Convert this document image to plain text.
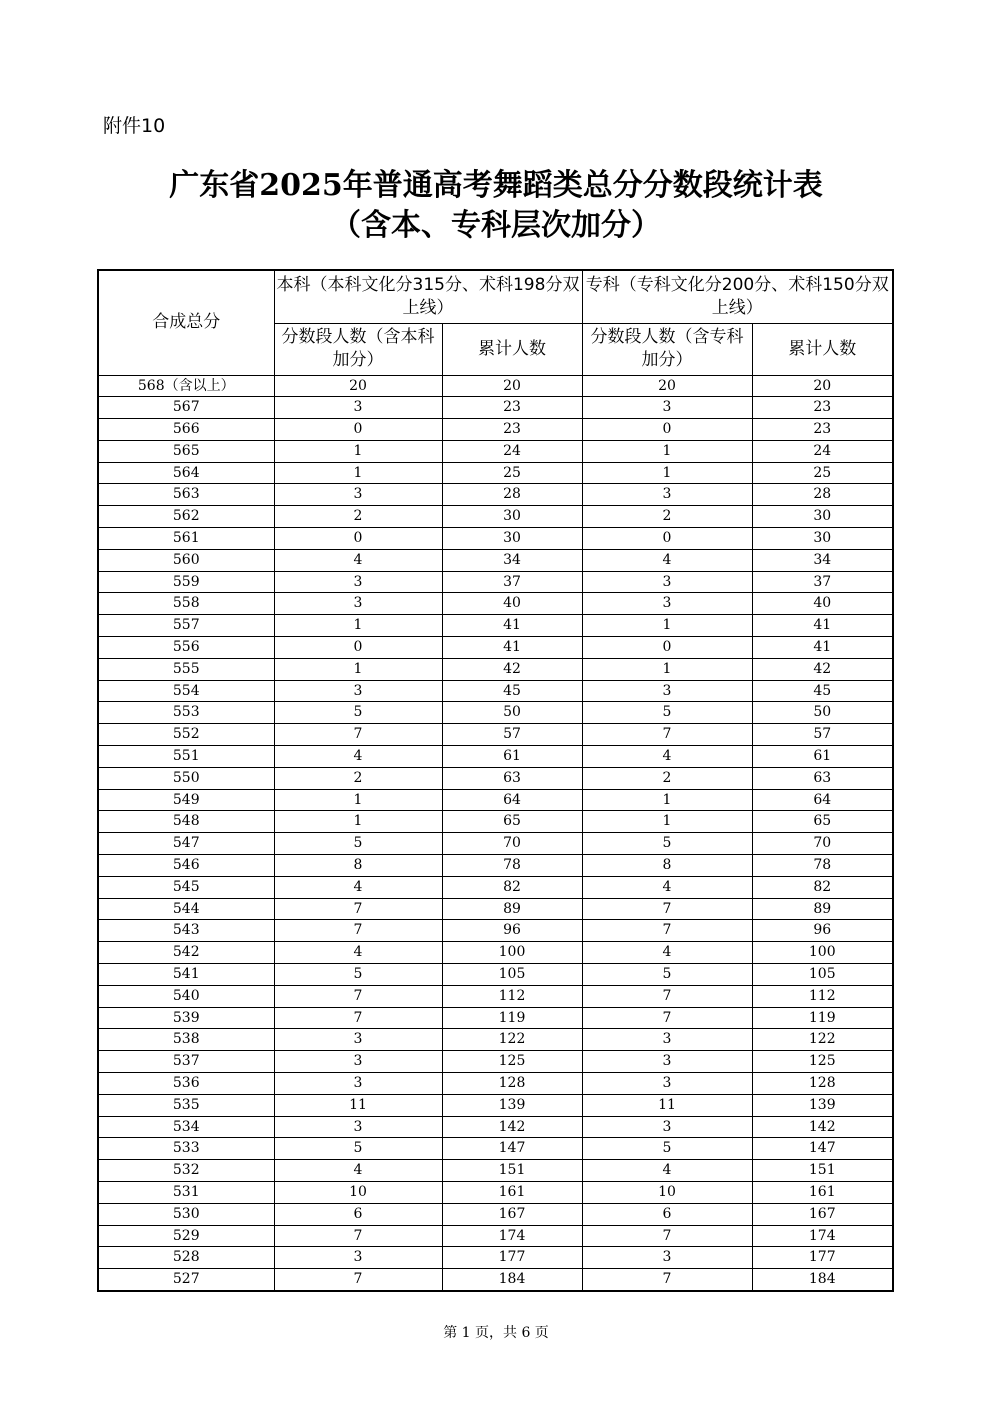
附件10
广东省2025年普通高考舞蹈类总分分数段统计表
（含本、专科层次加分）
合成总分	本科（本科文化分315分、术科198分双上线）		专科（专科文化分200分、术科150分双上线）	
	分数段人数（含本科加分）	累计人数	分数段人数（含专科加分）	累计人数
568（含以上）	20	20	20	20
567	3	23	3	23
566	0	23	0	23
565	1	24	1	24
564	1	25	1	25
563	3	28	3	28
562	2	30	2	30
561	0	30	0	30
560	4	34	4	34
559	3	37	3	37
558	3	40	3	40
557	1	41	1	41
556	0	41	0	41
555	1	42	1	42
554	3	45	3	45
553	5	50	5	50
552	7	57	7	57
551	4	61	4	61
550	2	63	2	63
549	1	64	1	64
548	1	65	1	65
547	5	70	5	70
546	8	78	8	78
545	4	82	4	82
544	7	89	7	89
543	7	96	7	96
542	4	100	4	100
541	5	105	5	105
540	7	112	7	112
539	7	119	7	119
538	3	122	3	122
537	3	125	3	125
536	3	128	3	128
535	11	139	11	139
534	3	142	3	142
533	5	147	5	147
532	4	151	4	151
531	10	161	10	161
530	6	167	6	167
529	7	174	7	174
528	3	177	3	177
527	7	184	7	184
第 1 页，共 6 页
